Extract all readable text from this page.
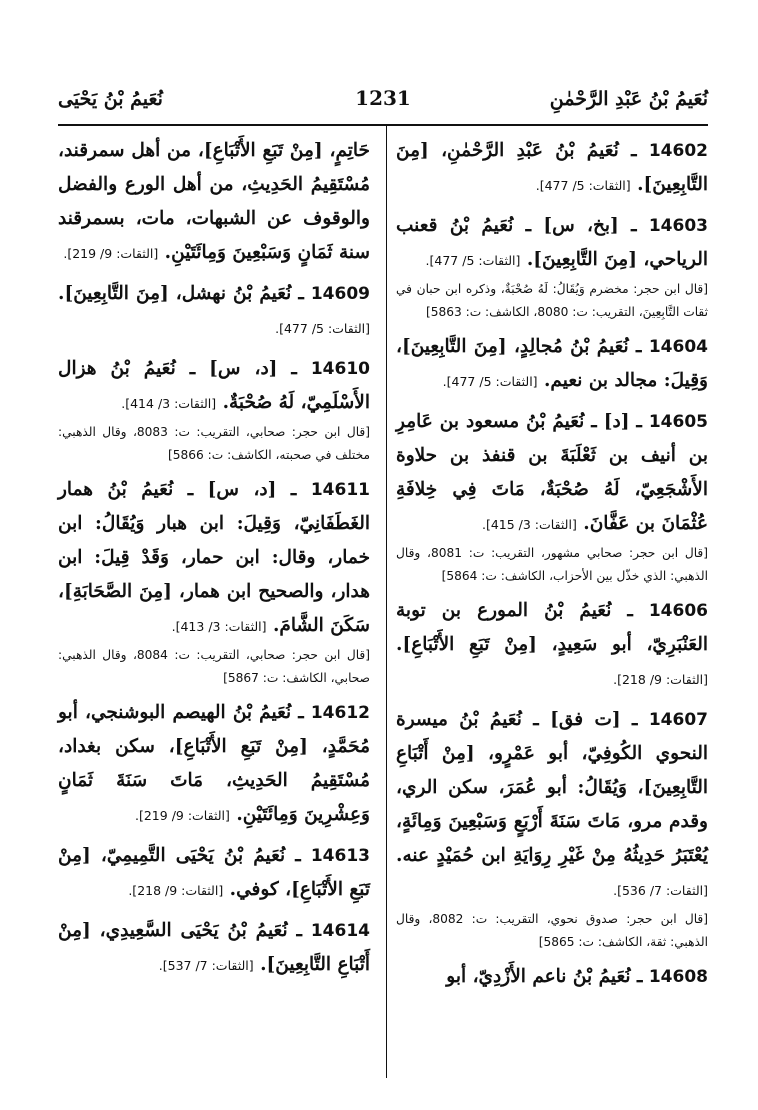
نُعَيمُ بْنُ عَبْدِ الرَّحْمٰنِ
1231
نُعَيمُ بْنُ يَحْيَى
14602 ـ نُعَيمُ بْنُ عَبْدِ الرَّحْمٰنِ، [مِنَ التَّابِعِينَ]. [الثقات: 5/ 477].
14603 ـ [بخ، س] ـ نُعَيمُ بْنُ قعنب الرياحي، [مِنَ التَّابِعِينَ]. [الثقات: 5/ 477].
[قال ابن حجر: مخضرم وَيُقَالُ: لَهُ صُحْبَةٌ، وذكره ابن حبان في ثقات التَّابِعِينَ، التقريب: ت: 8080، الكاشف: ت: 5863]
14604 ـ نُعَيمُ بْنُ مُجالِدٍ، [مِنَ التَّابِعِينَ]، وَقِيلَ: مجالد بن نعيم. [الثقات: 5/ 477].
14605 ـ [د] ـ نُعَيمُ بْنُ مسعود بن عَامِرِ بن أنيف بن ثَعْلَبَةَ بن قنفذ بن حلاوة الأَشْجَعِيّ، لَهُ صُحْبَةٌ، مَاتَ فِي خِلافَةِ عُثْمَانَ بن عَفَّانَ. [الثقات: 3/ 415].
[قال ابن حجر: صحابي مشهور، التقريب: ت: 8081، وقال الذهبي: الذي خذّل بين الأحزاب، الكاشف: ت: 5864]
14606 ـ نُعَيمُ بْنُ المورع بن توبة العَنْبَرِيّ، أبو سَعِيدٍ، [مِنْ تَبَعِ الأَتْبَاعِ]. [الثقات: 9/ 218].
14607 ـ [ت فق] ـ نُعَيمُ بْنُ ميسرة النحوي الكُوفِيّ، أبو عَمْرٍو، [مِنْ أَتْبَاعِ التَّابِعِينَ]، وَيُقَالُ: أبو عُمَرَ، سكن الري، وقدم مرو، مَاتَ سَنَةَ أَرْبَعٍ وَسَبْعِينَ وَمِائَةٍ، يُعْتَبَرُ حَدِيثُهُ مِنْ غَيْرِ رِوَايَةِ ابن حُمَيْدٍ عنه. [الثقات: 7/ 536].
[قال ابن حجر: صدوق نحوي، التقريب: ت: 8082، وقال الذهبي: ثقة، الكاشف: ت: 5865]
14608 ـ نُعَيمُ بْنُ ناعم الأَزْدِيّ، أبو
حَاتِمٍ، [مِنْ تَبَعِ الأَتْبَاعِ]، من أهل سمرقند، مُسْتَقِيمُ الحَدِيثِ، من أهل الورع والفضل والوقوف عن الشبهات، مات، بسمرقند سنة ثَمَانٍ وَسَبْعِينَ وَمِائَتَيْنِ. [الثقات: 9/ 219].
14609 ـ نُعَيمُ بْنُ نهشل، [مِنَ التَّابِعِينَ]. [الثقات: 5/ 477].
14610 ـ [د، س] ـ نُعَيمُ بْنُ هزال الأَسْلَمِيّ، لَهُ صُحْبَةٌ. [الثقات: 3/ 414].
[قال ابن حجر: صحابي، التقريب: ت: 8083، وقال الذهبي: مختلف في صحبته، الكاشف: ت: 5866]
14611 ـ [د، س] ـ نُعَيمُ بْنُ همار الغَطَفَانِيّ، وَقِيلَ: ابن هبار وَيُقَالُ: ابن خمار، وقال: ابن حمار، وَقَدْ قِيلَ: ابن هدار، والصحيح ابن همار، [مِنَ الصَّحَابَةِ]، سَكَنَ الشَّامَ. [الثقات: 3/ 413].
[قال ابن حجر: صحابي، التقريب: ت: 8084، وقال الذهبي: صحابي، الكاشف: ت: 5867]
14612 ـ نُعَيمُ بْنُ الهيصم البوشنجي، أبو مُحَمَّدٍ، [مِنْ تَبَعِ الأَتْبَاعِ]، سكن بغداد، مُسْتَقِيمُ الحَدِيثِ، مَاتَ سَنَةَ ثَمَانٍ وَعِشْرِينَ وَمِائَتَيْنِ. [الثقات: 9/ 219].
14613 ـ نُعَيمُ بْنُ يَحْيَى التَّمِيمِيّ، [مِنْ تَبَعِ الأَتْبَاعِ]، كوفي. [الثقات: 9/ 218].
14614 ـ نُعَيمُ بْنُ يَحْيَى السَّعِيدِي، [مِنْ أَتْبَاعِ التَّابِعِينَ]. [الثقات: 7/ 537].
